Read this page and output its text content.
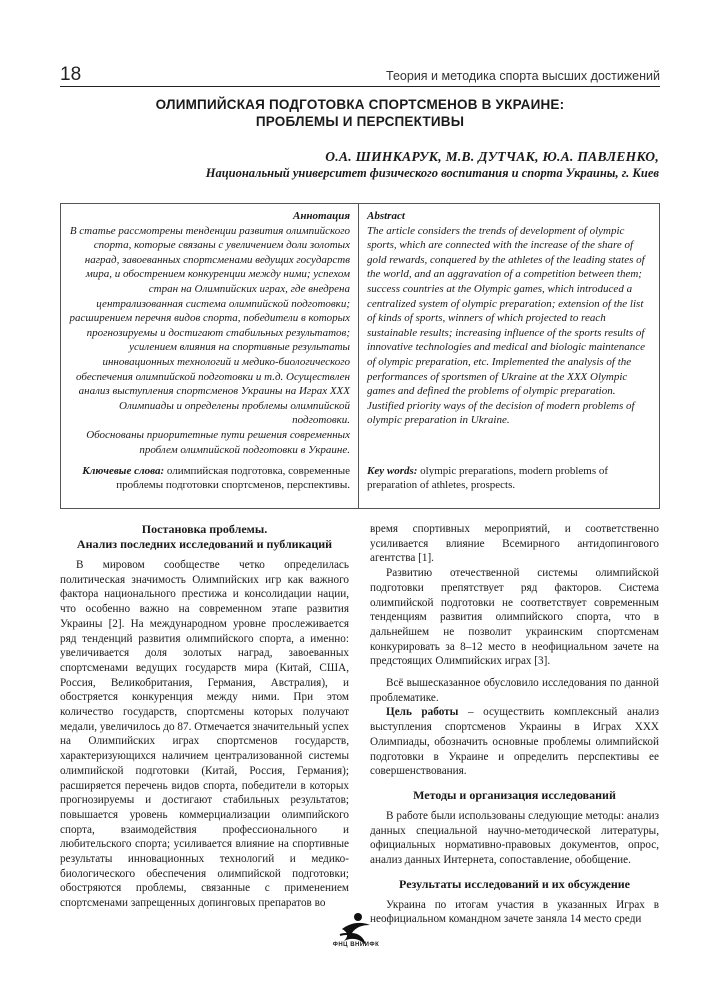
18	Теория и методика спорта высших достижений
ОЛИМПИЙСКАЯ ПОДГОТОВКА СПОРТСМЕНОВ В УКРАИНЕ:
ПРОБЛЕМЫ И ПЕРСПЕКТИВЫ
О.А. ШИНКАРУК, М.В. ДУТЧАК, Ю.А. ПАВЛЕНКО,
Национальный университет физического воспитания и спорта Украины, г. Киев
Аннотация
В статье рассмотрены тенденции развития олимпийского спорта, которые связаны с увеличением доли золотых наград, завоеванных спортсменами ведущих государств мира, и обострением конкуренции между ними; успехом стран на Олимпийских играх, где внедрена централизованная система олимпийской подготовки; расширением перечня видов спорта, победители в которых прогнозируемы и достигают стабильных результатов; усилением влияния на спортивные результаты инновационных технологий и медико-биологического обеспечения олимпийской подготовки и т.д. Осуществлен анализ выступления спортсменов Украины на Играх XXX Олимпиады и определены проблемы олимпийской подготовки.
Обоснованы приоритетные пути решения современных проблем олимпийской подготовки в Украине.
Abstract
The article considers the trends of development of olympic sports, which are connected with the increase of the share of gold rewards, conquered by the athletes of the leading states of the world, and an aggravation of a competition between them; success countries at the Olympic games, which introduced a centralized system of olympic preparation; extension of the list of kinds of sports, winners of which projected to reach sustainable results; increasing influence of the sports results of innovative technologies and medical and biologic maintenance of olympic preparation, etc. Implemented the analysis of the performances of sportsmen of Ukraine at the XXX Olympic games and defined the problems of olympic preparation. Justified priority ways of the decision of modern problems of olympic preparation in Ukraine.
Ключевые слова: олимпийская подготовка, современные проблемы подготовки спортсменов, перспективы.
Key words: olympic preparations, modern problems of preparation of athletes, prospects.
Постановка проблемы.
Анализ последних исследований и публикаций

В мировом сообществе четко определилась политическая значимость Олимпийских игр как важного фактора национального престижа и консолидации нации, что особенно важно на современном этапе развития Украины [2]. На международном уровне прослеживается ряд тенденций развития олимпийского спорта, а именно: увеличивается доля золотых наград, завоеванных спортсменами ведущих государств мира (Китай, США, Россия, Великобритания, Германия, Австралия), и обостряется конкуренция между ними. При этом количество государств, спортсмены которых получают медали, увеличилось до 87. Отмечается значительный успех на Олимпийских играх спортсменов государств, характеризующихся наличием централизованной системы олимпийской подготовки (Китай, Россия, Германия); расширяется перечень видов спорта, победители в которых прогнозируемы и достигают стабильных результатов; повышается уровень коммерциализации олимпийского спорта, взаимодействия профессионального и любительского спорта; усиливается влияние на спортивные результаты инновационных технологий и медико-биологического обеспечения олимпийской подготовки; обостряются проблемы, связанные с применением спортсменами запрещенных допинговых препаратов во

время спортивных мероприятий, и соответственно усиливается влияние Всемирного антидопингового агентства [1].

Развитию отечественной системы олимпийской подготовки препятствует ряд факторов. Система олимпийской подготовки не соответствует современным тенденциям развития олимпийского спорта, что в дальнейшем не позволит украинским спортсменам конкурировать за 8–12 место в неофициальном зачете на предстоящих Олимпийских играх [3].

Всё вышесказанное обусловило исследования по данной проблематике.

Цель работы – осуществить комплексный анализ выступления спортсменов Украины в Играх XXX Олимпиады, обозначить основные проблемы олимпийской подготовки в Украине и определить перспективы ее совершенствования.

Методы и организация исследований

В работе были использованы следующие методы: анализ данных специальной научно-методической литературы, официальных нормативно-правовых документов, опрос, анализ данных Интернета, сопоставление, обобщение.

Результаты исследований и их обсуждение

Украина по итогам участия в указанных Играх в неофициальном командном зачете заняла 14 место среди

ФНЦ ВНИИФК
